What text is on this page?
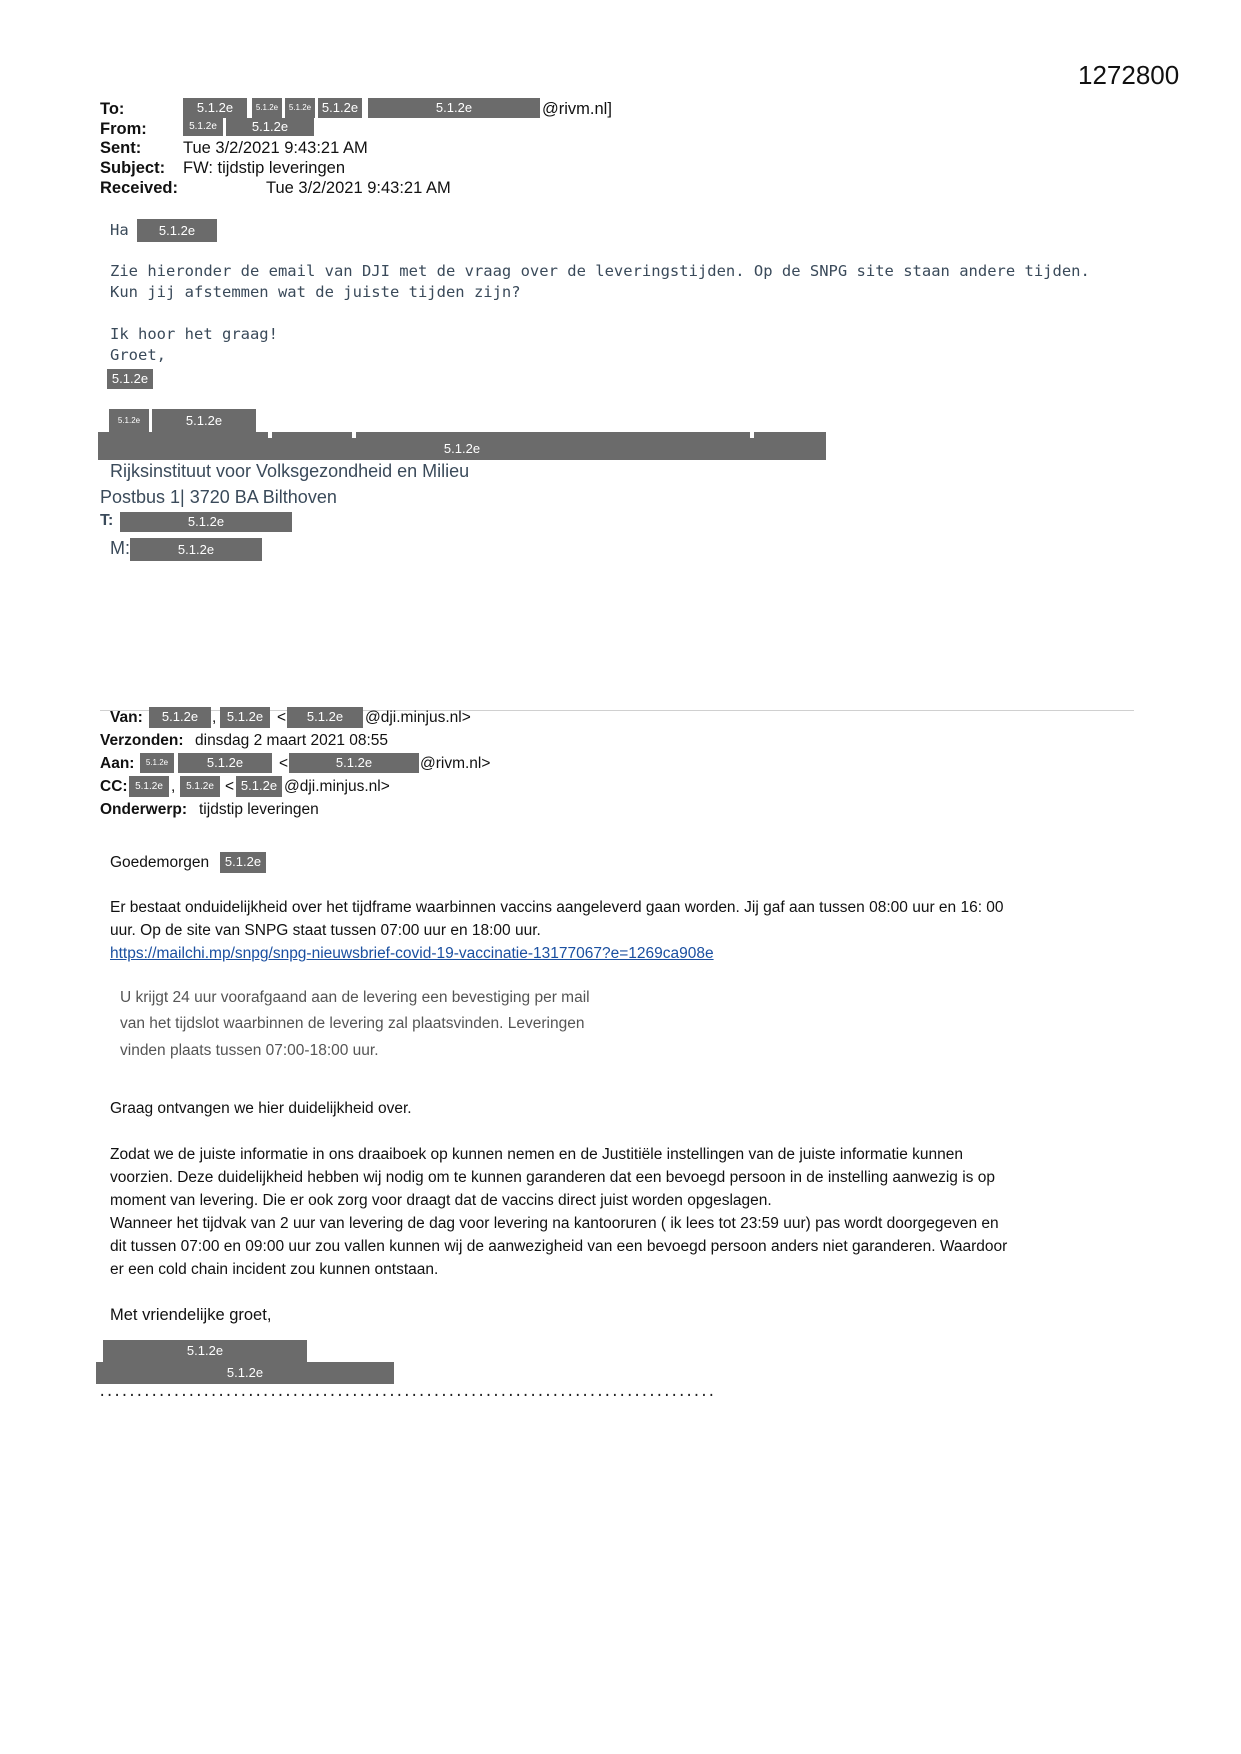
1272800
To:	5.1.2e	5.1.2e	5.1.2e 5.1.2e	5.1.2e	@rivm.nl]
From:	5.1.2e	5.1.2e
Sent:	Tue 3/2/2021 9:43:21 AM
Subject: FW: tijdstip leveringen
Received:	Tue 3/2/2021 9:43:21 AM
Ha	5.1.2e
Zie hieronder de email van DJI met de vraag over de leveringstijden. Op de SNPG site staan andere tijden.
Kun jij afstemmen wat de juiste tijden zijn?
Ik hoor het graag!
Groet,
5.1.2e
5.1.2e	5.1.2e
5.1.2e
Rijksinstituut voor Volksgezondheid en Milieu
Postbus 1| 3720 BA Bilthoven
T:	5.1.2e
M:	5.1.2e
Van:	5.1.2e , 5.1.2e <	5.1.2e	@dji.minjus.nl>
Verzonden: dinsdag 2 maart 2021 08:55
Aan:	5.1.2e	5.1.2e	<	5.1.2e	@rivm.nl>
CC: 5.1.2e ,	5.1.2e < 5.1.2e @dji.minjus.nl>
Onderwerp: tijdstip leveringen
Goedemorgen	5.1.2e
Er bestaat onduidelijkheid over het tijdframe waarbinnen vaccins aangeleverd gaan worden. Jij gaf aan tussen 08:00 uur en 16: 00
uur. Op de site van SNPG staat tussen 07:00 uur en 18:00 uur.
https://mailchi.mp/snpg/snpg-nieuwsbrief-covid-19-vaccinatie-13177067?e=1269ca908e
U krijgt 24 uur voorafgaand aan de levering een bevestiging per mail
van het tijdslot waarbinnen de levering zal plaatsvinden. Leveringen
vinden plaats tussen 07:00-18:00 uur.
Graag ontvangen we hier duidelijkheid over.
Zodat we de juiste informatie in ons draaiboek op kunnen nemen en de Justitiële instellingen van de juiste informatie kunnen
voorzien. Deze duidelijkheid hebben wij nodig om te kunnen garanderen dat een bevoegd persoon in de instelling aanwezig is op
moment van levering. Die er ook zorg voor draagt dat de vaccins direct juist worden opgeslagen.
Wanneer het tijdvak van 2 uur van levering de dag voor levering na kantooruren ( ik lees tot 23:59 uur) pas wordt doorgegeven en
dit tussen 07:00 en 09:00 uur zou vallen kunnen wij de aanwezigheid van een bevoegd persoon anders niet garanderen. Waardoor
er een cold chain incident zou kunnen ontstaan.
Met vriendelijke groet,
5.1.2e
5.1.2e
...................................................................................
